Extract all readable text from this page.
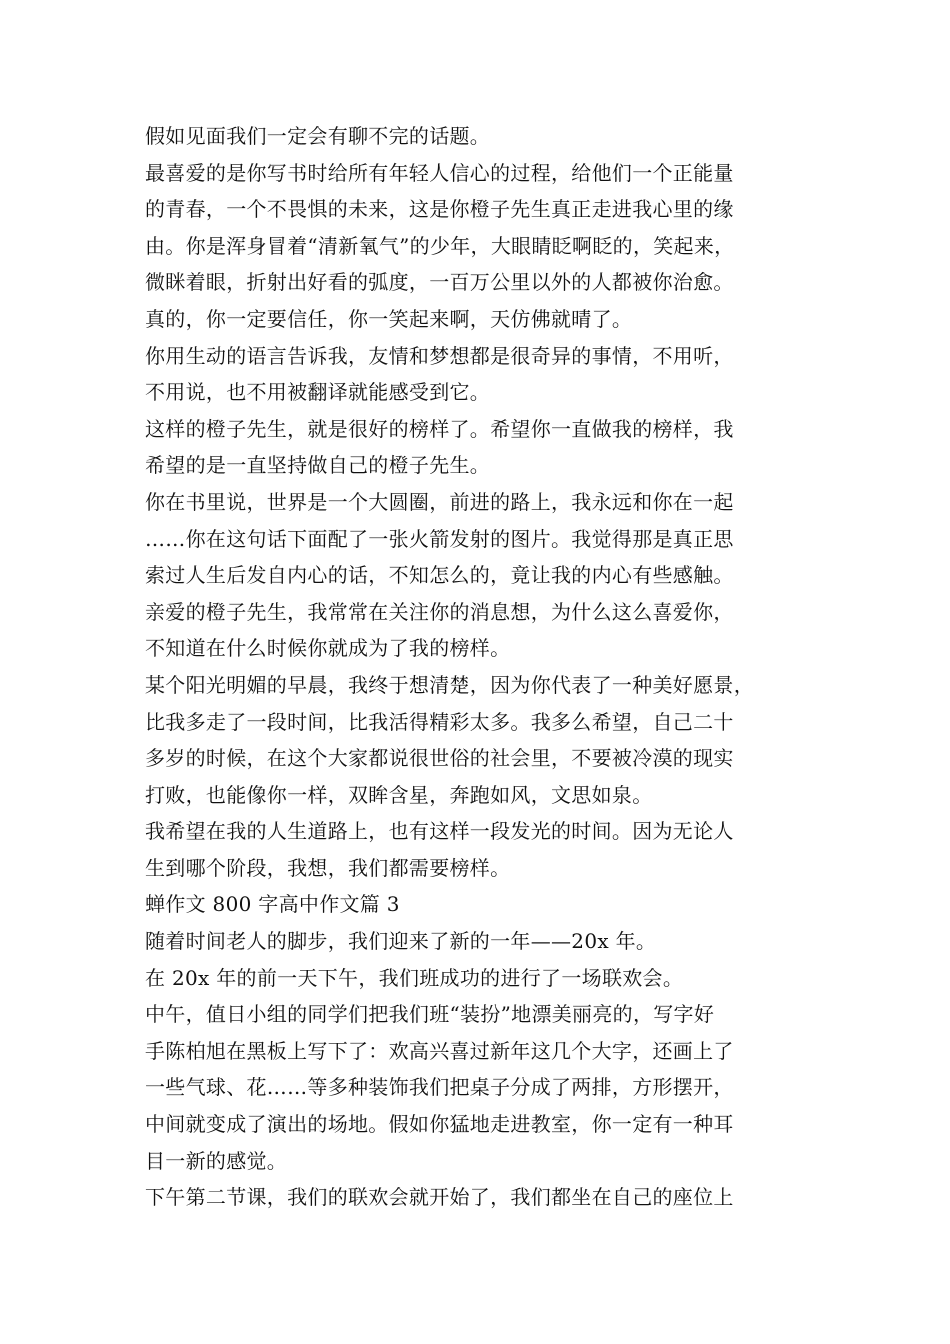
假如见面我们一定会有聊不完的话题。
最喜爱的是你写书时给所有年轻人信心的过程，给他们一个正能量
的青春，一个不畏惧的未来，这是你橙子先生真正走进我心里的缘
由。你是浑身冒着“清新氧气”的少年，大眼睛眨啊眨的，笑起来，
微眯着眼，折射出好看的弧度，一百万公里以外的人都被你治愈。
真的，你一定要信任，你一笑起来啊，天仿佛就晴了。
你用生动的语言告诉我，友情和梦想都是很奇异的事情，不用听，
不用说，也不用被翻译就能感受到它。
这样的橙子先生，就是很好的榜样了。希望你一直做我的榜样，我
希望的是一直坚持做自己的橙子先生。
你在书里说，世界是一个大圆圈，前进的路上，我永远和你在一起
……你在这句话下面配了一张火箭发射的图片。我觉得那是真正思
索过人生后发自内心的话，不知怎么的，竟让我的内心有些感触。
亲爱的橙子先生，我常常在关注你的消息想，为什么这么喜爱你，
不知道在什么时候你就成为了我的榜样。
某个阳光明媚的早晨，我终于想清楚，因为你代表了一种美好愿景，
比我多走了一段时间，比我活得精彩太多。我多么希望，自己二十
多岁的时候，在这个大家都说很世俗的社会里，不要被冷漠的现实
打败，也能像你一样，双眸含星，奔跑如风，文思如泉。
我希望在我的人生道路上，也有这样一段发光的时间。因为无论人
生到哪个阶段，我想，我们都需要榜样。
蝉作文 800 字高中作文篇 3
随着时间老人的脚步，我们迎来了新的一年——20x 年。
在 20x 年的前一天下午，我们班成功的进行了一场联欢会。
中午，值日小组的同学们把我们班“装扮”地漂美丽亮的，写字好
手陈柏旭在黑板上写下了：欢高兴喜过新年这几个大字，还画上了
一些气球、花……等多种装饰我们把桌子分成了两排，方形摆开，
中间就变成了演出的场地。假如你猛地走进教室，你一定有一种耳
目一新的感觉。
下午第二节课，我们的联欢会就开始了，我们都坐在自己的座位上
